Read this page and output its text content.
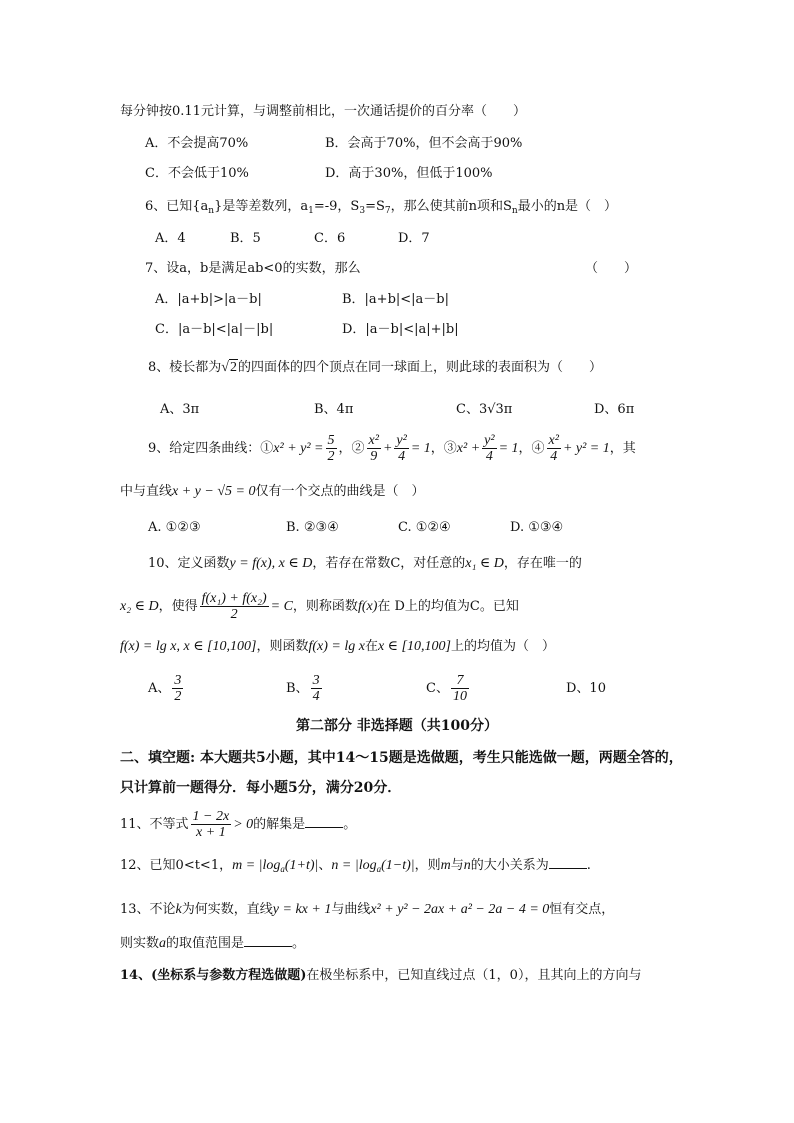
每分钟按0.11元计算，与调整前相比，一次通话提价的百分率（　　）
A．不会提高70%	B．会高于70%，但不会高于90%
C．不会低于10%	D．高于30%，但低于100%
6、已知$\{a_n\}$是等差数列，$a_1=-9$，$S_3=S_7$，那么使其前n项和$S_n$最小的n是（　）
A．4	B．5	C．6	D．7
7、设a，b是满足ab<0的实数，那么	（　　）
A．|a+b|>|a－b|	B．|a+b|<|a－b|
C．|a－b|<|a|－|b|	D．|a－b|<|a|+|b|
8、棱长都为√2的四面体的四个顶点在同一球面上，则此球的表面积为（　　）
A、3π	B、4π	C、3√3π	D、6π
9、给定四条曲线：①x² + $y^2 = \frac{5}{2}$ ，② $\frac{\text{x²}}{9} + \frac{\text{y²}}{4} = 1$，③x² + $\frac{\text{y²}}{4} = 1$，④ $\frac{\text{x²}}{4} + y^2 = 1$，其
中与直线x + y − √5 = 0仅有一个交点的曲线是（　）
A. ①②③	B. ②③④	C. ①②④	D. ①③④
10、定义函数y = f(x), x ∈ D，若存在常数C，对任意的x₁ ∈ D，存在唯一的
x₂ ∈ D，使得 $\frac{\text{f(x₁) + f(x₂)}}{2} = C$，则称函数f(x)在 D上的均值为C。已知
f(x) = lg x, x ∈ [10,100]，则函数f(x) = lg x在x ∈ [10,100]上的均值为（　）
A、 $\frac{3}{2}$	B、 $\frac{3}{4}$	C、 $\frac{7}{10}$	D、10
第二部分 非选择题（共100分）
二、填空题: 本大题共5小题，其中14～15题是选做题，考生只能选做一题，两题全答的，
只计算前一题得分．每小题5分，满分20分．
11、不等式 $\frac{1 - 2x}{x + 1} > 0$的解集是	。
12、已知0<t<1，$m = |\log_a(1+t)|$、$n = |\log_a(1-t)|$，则m与n的大小关系为	.
13、不论k为何实数，直线y = kx + 1与曲线x² + y² − 2ax + a² − 2a − 4 = 0恒有交点，
则实数a的取值范围是	。
14、(坐标系与参数方程选做题)在极坐标系中，已知直线过点（1，0），且其向上的方向与
